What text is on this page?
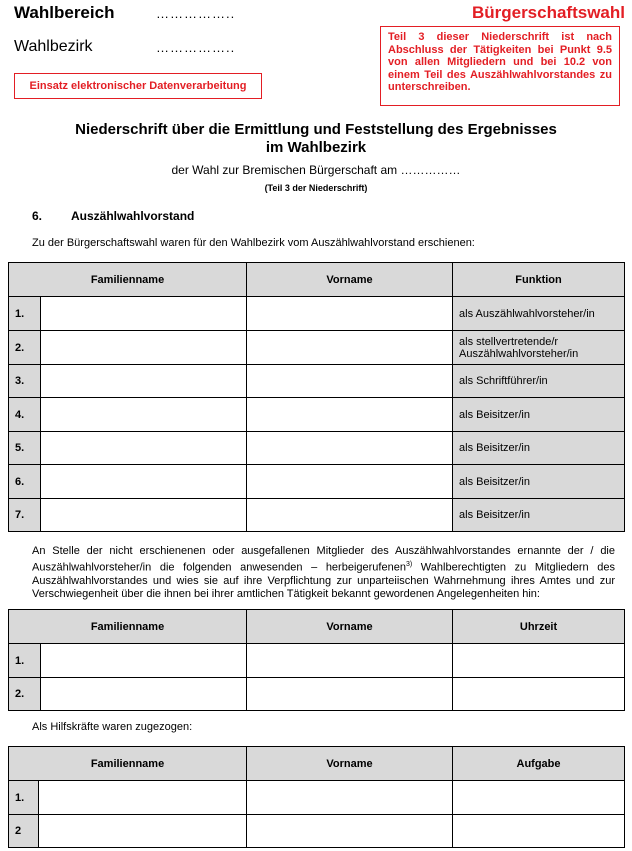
Wahlbereich	……………..
Wahlbezirk	……………..
Bürgerschaftswahl
Teil 3 dieser Niederschrift ist nach Abschluss der Tätigkeiten bei Punkt 9.5 von allen Mitgliedern und bei 10.2 von einem Teil des Auszählwahlvorstandes zu unterschreiben.
Einsatz elektronischer Datenverarbeitung
Niederschrift über die Ermittlung und Feststellung des Ergebnisses
im Wahlbezirk
der Wahl zur Bremischen Bürgerschaft am ……………
(Teil 3 der Niederschrift)
6. Auszählwahlvorstand
Zu der Bürgerschaftswahl waren für den Wahlbezirk vom Auszählwahlvorstand erschienen:
Familienname		Vorname	Funktion
1.			als Auszählwahlvorsteher/in
2.			als stellvertretende/r
Auszählwahlvorsteher/in

3.			als Schriftführer/in
4.			als Beisitzer/in
5.			als Beisitzer/in
6.			als Beisitzer/in
7.			als Beisitzer/in
An Stelle der nicht erschienenen oder ausgefallenen Mitglieder des Auszählwahlvorstandes ernannte der / die Auszählwahlvorsteher/in die folgenden anwesenden – herbeigerufenen$^{3)}$ Wahlberechtigten zu Mitgliedern des Auszählwahlvorstandes und wies sie auf ihre Verpflichtung zur unparteiischen Wahrnehmung ihres Amtes und zur Verschwiegenheit über die ihnen bei ihrer amtlichen Tätigkeit bekannt gewordenen Angelegenheiten hin:
Familienname		Vorname	Uhrzeit
1.			
2.			
Als Hilfskräfte waren zugezogen:
Familienname		Vorname	Aufgabe
1.			
2			
